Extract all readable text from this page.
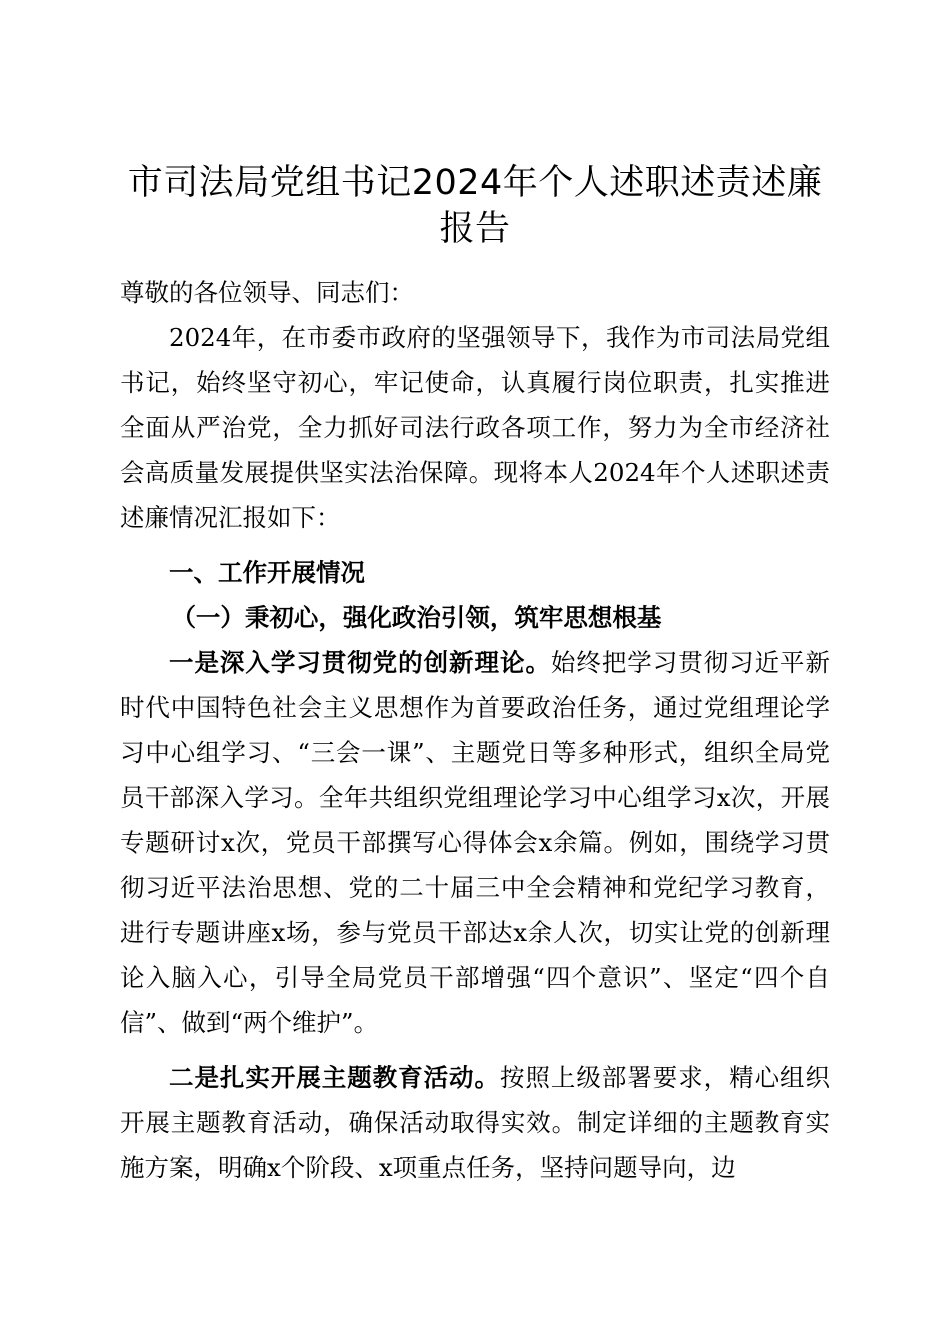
市司法局党组书记2024年个人述职述责述廉
报告

尊敬的各位领导、同志们：

2024年，在市委市政府的坚强领导下，我作为市司法局党组书记，始终坚守初心，牢记使命，认真履行岗位职责，扎实推进全面从严治党，全力抓好司法行政各项工作，努力为全市经济社会高质量发展提供坚实法治保障。现将本人2024年个人述职述责述廉情况汇报如下：

一、工作开展情况

（一）秉初心，强化政治引领，筑牢思想根基

一是深入学习贯彻党的创新理论。始终把学习贯彻习近平新时代中国特色社会主义思想作为首要政治任务，通过党组理论学习中心组学习、“三会一课”、主题党日等多种形式，组织全局党员干部深入学习。全年共组织党组理论学习中心组学习x次，开展专题研讨x次，党员干部撰写心得体会x余篇。例如，围绕学习贯彻习近平法治思想、党的二十届三中全会精神和党纪学习教育，进行专题讲座x场，参与党员干部达x余人次，切实让党的创新理论入脑入心，引导全局党员干部增强“四个意识”、坚定“四个自信”、做到“两个维护”。

二是扎实开展主题教育活动。按照上级部署要求，精心组织开展主题教育活动，确保活动取得实效。制定详细的主题教育实施方案，明确x个阶段、x项重点任务，坚持问题导向，边
